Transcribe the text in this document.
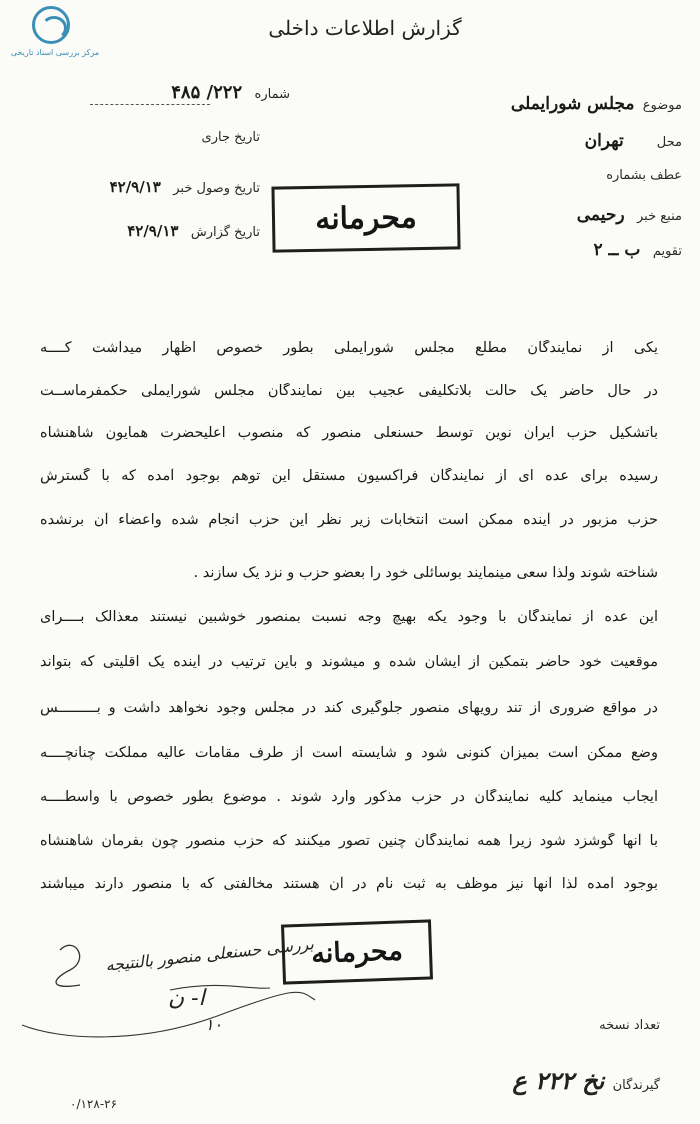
مرکز بررسی اسناد تاریخی
گزارش اطلاعات داخلی
موضوع  مجلس شورایملی
محل        تهران
عطف بشماره
منبع خبر   رحیمی
تقویم   ب ــ ۲
شماره   ۲۲۲/ ۴۸۵
تاریخ جاری
تاریخ وصول خبر   ۴۲/۹/۱۳
تاریخ گزارش   ۴۲/۹/۱۳	محرمانه
یکی از نمایندگان مطلع مجلس شورایملی بطور خصوص اظهار میداشت کــــه
در حال حاضر یک حالت بلاتکلیفی عجیب بین نمایندگان مجلس شورایملی حکمفرماســت
باتشکیل حزب ایران نوین توسط حسنعلی منصور که منصوب اعلیحضرت همایون شاهنشاه
رسیده برای عده ای از نمایندگان فراکسیون مستقل این توهم بوجود آمده که با گسترش
حزب مزبور در آینده ممکن است انتخابات زیر نظر این حزب انجام شده واعضاء آن برنشده
شناخته شوند ولذا سعی مینمایند بوسائلی خود را بعضو حزب و نزد یک سازند .
این عده از نمایندگان با وجود یکه بهیچ وجه نسبت بمنصور خوشبین نیستند معذالک بــــرای
موقعیت خود حاضر بتمکین از ایشان شده و میشوند و باین ترتیب در آینده یک اقلیتی که بتواند
در مواقع ضروری از تند رویهای منصور جلوگیری کند در مجلس وجود نخواهد داشت و بـــــــــس
وضع ممکن است بمیزان کنونی شود و شایسته است از طرف مقامات عالیه مملکت چنانچــــه
ایجاب مینماید کلیه نمایندگان در حزب مذکور وارد شوند . موضوع بطور خصوص با واسطــــه
با آنها گوشزد شود زیرا همه نمایندگان چنین تصور میکنند که حزب منصور چون بفرمان شاهنشاه
بوجود آمده لذا آنها نیز موظف به ثبت نام در آن هستند مخالفتی که با منصور دارند میباشند
محرمانه
بررسی حسنعلی منصور بالنتیجه
ا- ن
۱۰	تعداد نسخه
گیرندگان  نخ ۲۲۲ ع
۰/۱۲۸-۲۶
